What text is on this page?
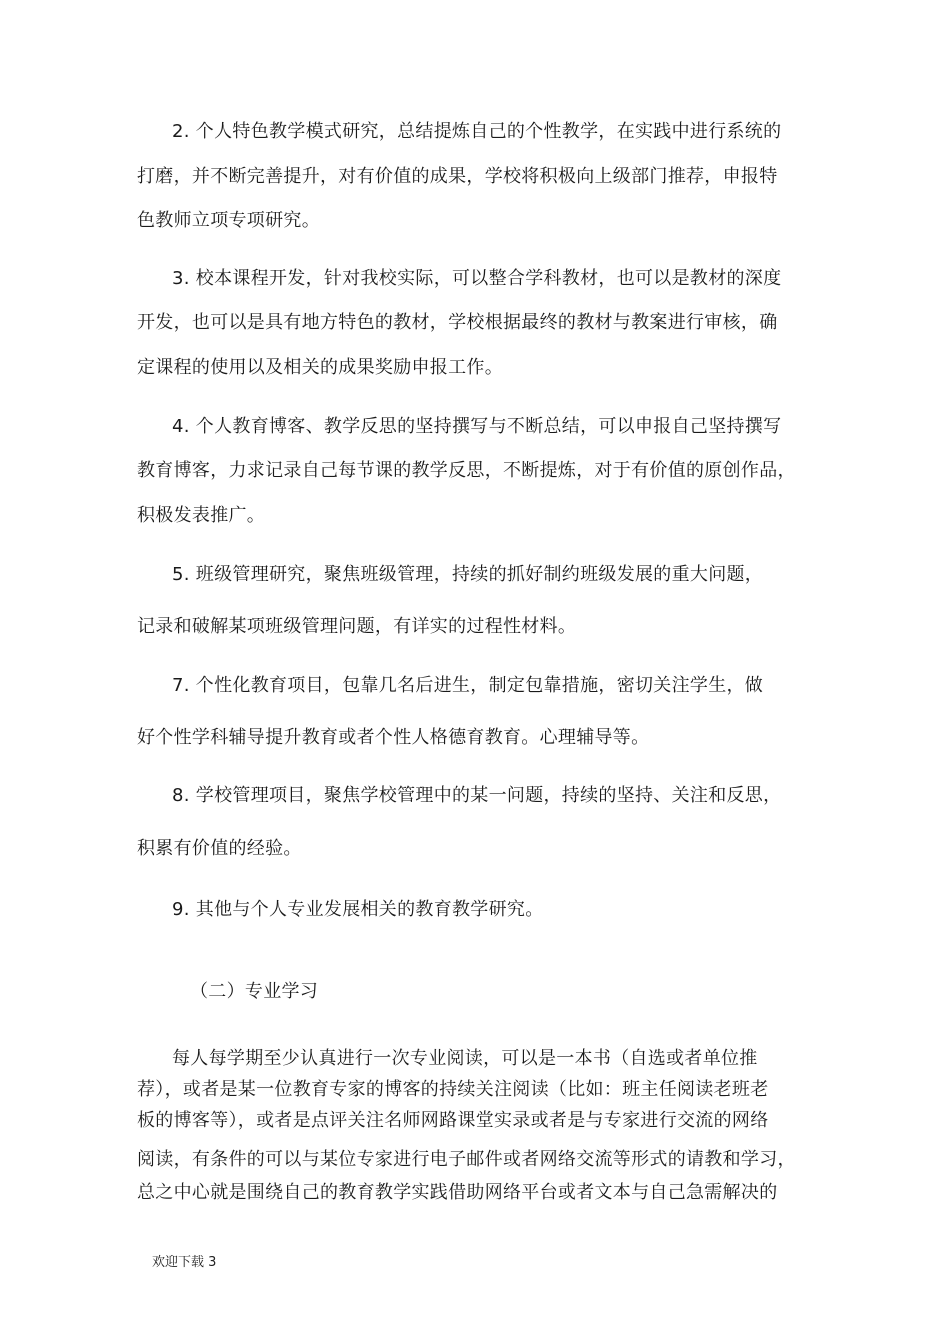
2. 个人特色教学模式研究，总结提炼自己的个性教学，在实践中进行系统的
打磨，并不断完善提升，对有价值的成果，学校将积极向上级部门推荐，申报特
色教师立项专项研究。
3. 校本课程开发，针对我校实际，可以整合学科教材，也可以是教材的深度
开发，也可以是具有地方特色的教材，学校根据最终的教材与教案进行审核，确
定课程的使用以及相关的成果奖励申报工作。
4. 个人教育博客、教学反思的坚持撰写与不断总结，可以申报自己坚持撰写
教育博客，力求记录自己每节课的教学反思，不断提炼，对于有价值的原创作品，
积极发表推广。
5. 班级管理研究，聚焦班级管理，持续的抓好制约班级发展的重大问题，
记录和破解某项班级管理问题，有详实的过程性材料。
7. 个性化教育项目，包靠几名后进生，制定包靠措施，密切关注学生，做
好个性学科辅导提升教育或者个性人格德育教育。心理辅导等。
8. 学校管理项目，聚焦学校管理中的某一问题，持续的坚持、关注和反思，
积累有价值的经验。
9. 其他与个人专业发展相关的教育教学研究。
（二）专业学习
每人每学期至少认真进行一次专业阅读，可以是一本书（自选或者单位推
荐），或者是某一位教育专家的博客的持续关注阅读（比如：班主任阅读老班老
板的博客等），或者是点评关注名师网路课堂实录或者是与专家进行交流的网络
阅读，有条件的可以与某位专家进行电子邮件或者网络交流等形式的请教和学习，
总之中心就是围绕自己的教育教学实践借助网络平台或者文本与自己急需解决的
欢迎下载 3
